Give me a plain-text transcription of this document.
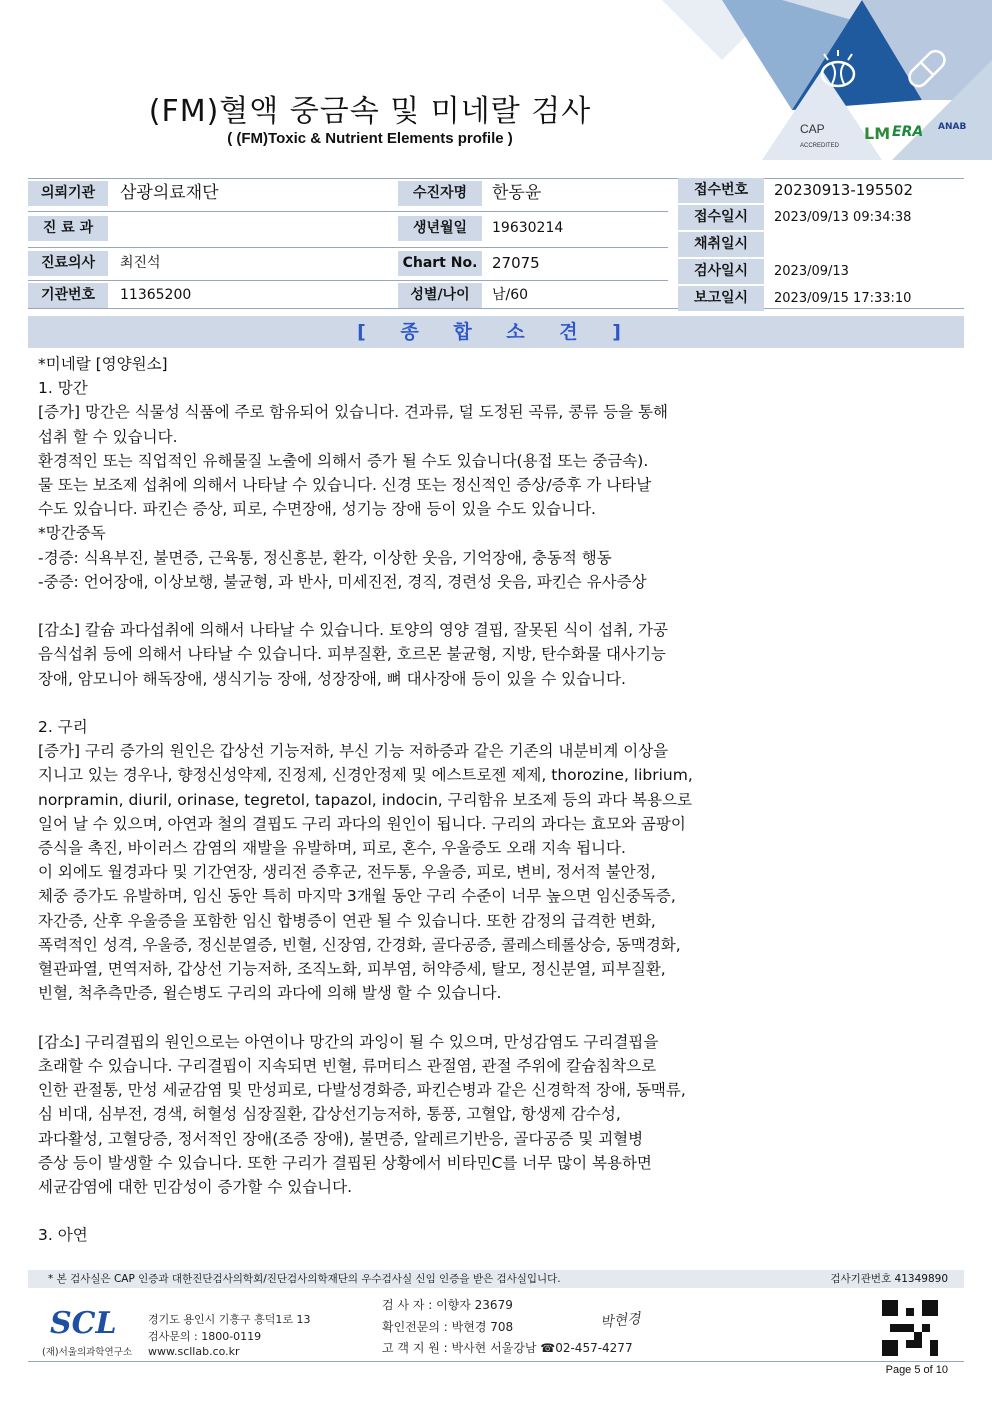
CAP
ACCREDITED
LM ERA ANAB
(FM)혈액 중금속 및 미네랄 검사
( (FM)Toxic & Nutrient Elements profile )
의뢰기관	삼광의료재단
진 료 과
진료의사	최진석
기관번호	11365200
수진자명	한동윤
생년월일	19630214
Chart No. 27075
성별/나이	남/60
접수번호	20230913-195502
접수일시	2023/09/13 09:34:38
채취일시
검사일시	2023/09/13
보고일시	2023/09/15 17:33:10
[ 종 합 소 견 ]
*미네랄 [영양원소]
1. 망간
[증가] 망간은 식물성 식품에 주로 함유되어 있습니다. 견과류, 덜 도정된 곡류, 콩류 등을 통해
섭취 할 수 있습니다.
환경적인 또는 직업적인 유해물질 노출에 의해서 증가 될 수도 있습니다(용접 또는 중금속).
물 또는 보조제 섭취에 의해서 나타날 수 있습니다. 신경 또는 정신적인 증상/증후 가 나타날
수도 있습니다. 파킨슨 증상, 피로, 수면장애, 성기능 장애 등이 있을 수도 있습니다.
*망간중독
-경증: 식욕부진, 불면증, 근육통, 정신흥분, 환각, 이상한 웃음, 기억장애, 충동적 행동
-중증: 언어장애, 이상보행, 불균형, 과 반사, 미세진전, 경직, 경련성 웃음, 파킨슨 유사증상

[감소] 칼슘 과다섭취에 의해서 나타날 수 있습니다. 토양의 영양 결핍, 잘못된 식이 섭취, 가공
음식섭취 등에 의해서 나타날 수 있습니다. 피부질환, 호르몬 불균형, 지방, 탄수화물 대사기능
장애, 암모니아 해독장애, 생식기능 장애, 성장장애, 뼈 대사장애 등이 있을 수 있습니다.

2. 구리
[증가] 구리 증가의 원인은 갑상선 기능저하, 부신 기능 저하증과 같은 기존의 내분비계 이상을
지니고 있는 경우나, 향정신성약제, 진정제, 신경안정제 및 에스트로젠 제제, thorozine, librium,
norpramin, diuril, orinase, tegretol, tapazol, indocin, 구리함유 보조제 등의 과다 복용으로
일어 날 수 있으며, 아연과 철의 결핍도 구리 과다의 원인이 됩니다. 구리의 과다는 효모와 곰팡이
증식을 촉진, 바이러스 감염의 재발을 유발하며, 피로, 혼수, 우울증도 오래 지속 됩니다.
이 외에도 월경과다 및 기간연장, 생리전 증후군, 전두통, 우울증, 피로, 변비, 정서적 불안정,
체중 증가도 유발하며, 임신 동안 특히 마지막 3개월 동안 구리 수준이 너무 높으면 임신중독증,
자간증, 산후 우울증을 포함한 임신 합병증이 연관 될 수 있습니다. 또한 감정의 급격한 변화,
폭력적인 성격, 우울증, 정신분열증, 빈혈, 신장염, 간경화, 골다공증, 콜레스테롤상승, 동맥경화,
혈관파열, 면역저하, 갑상선 기능저하, 조직노화, 피부염, 허약증세, 탈모, 정신분열, 피부질환,
빈혈, 척추측만증, 윌슨병도 구리의 과다에 의해 발생 할 수 있습니다.

[감소] 구리결핍의 원인으로는 아연이나 망간의 과잉이 될 수 있으며, 만성감염도 구리결핍을
초래할 수 있습니다. 구리결핍이 지속되면 빈혈, 류머티스 관절염, 관절 주위에 칼슘침착으로
인한 관절통, 만성 세균감염 및 만성피로, 다발성경화증, 파킨슨병과 같은 신경학적 장애, 동맥류,
심 비대, 심부전, 경색, 허혈성 심장질환, 갑상선기능저하, 통풍, 고혈압, 항생제 감수성,
과다활성, 고혈당증, 정서적인 장애(조증 장애), 불면증, 알레르기반응, 골다공증 및 괴혈병
증상 등이 발생할 수 있습니다. 또한 구리가 결핍된 상황에서 비타민C를 너무 많이 복용하면
세균감염에 대한 민감성이 증가할 수 있습니다.

3. 아연
* 본 검사실은 CAP 인증과 대한진단검사의학회/진단검사의학재단의 우수검사실 신임 인증을 받은 검사실입니다.	검사기관번호 41349890
SCL
(재)서울의과학연구소
경기도 용인시 기흥구 흥덕1로 13
검사문의 : 1800-0119
www.scllab.co.kr
검 사 자 : 이향자 23679
확인전문의 : 박현경 708
고 객 지 원 : 박사현 서울강남 ☎02-457-4277
박현경
Page 5 of 10
